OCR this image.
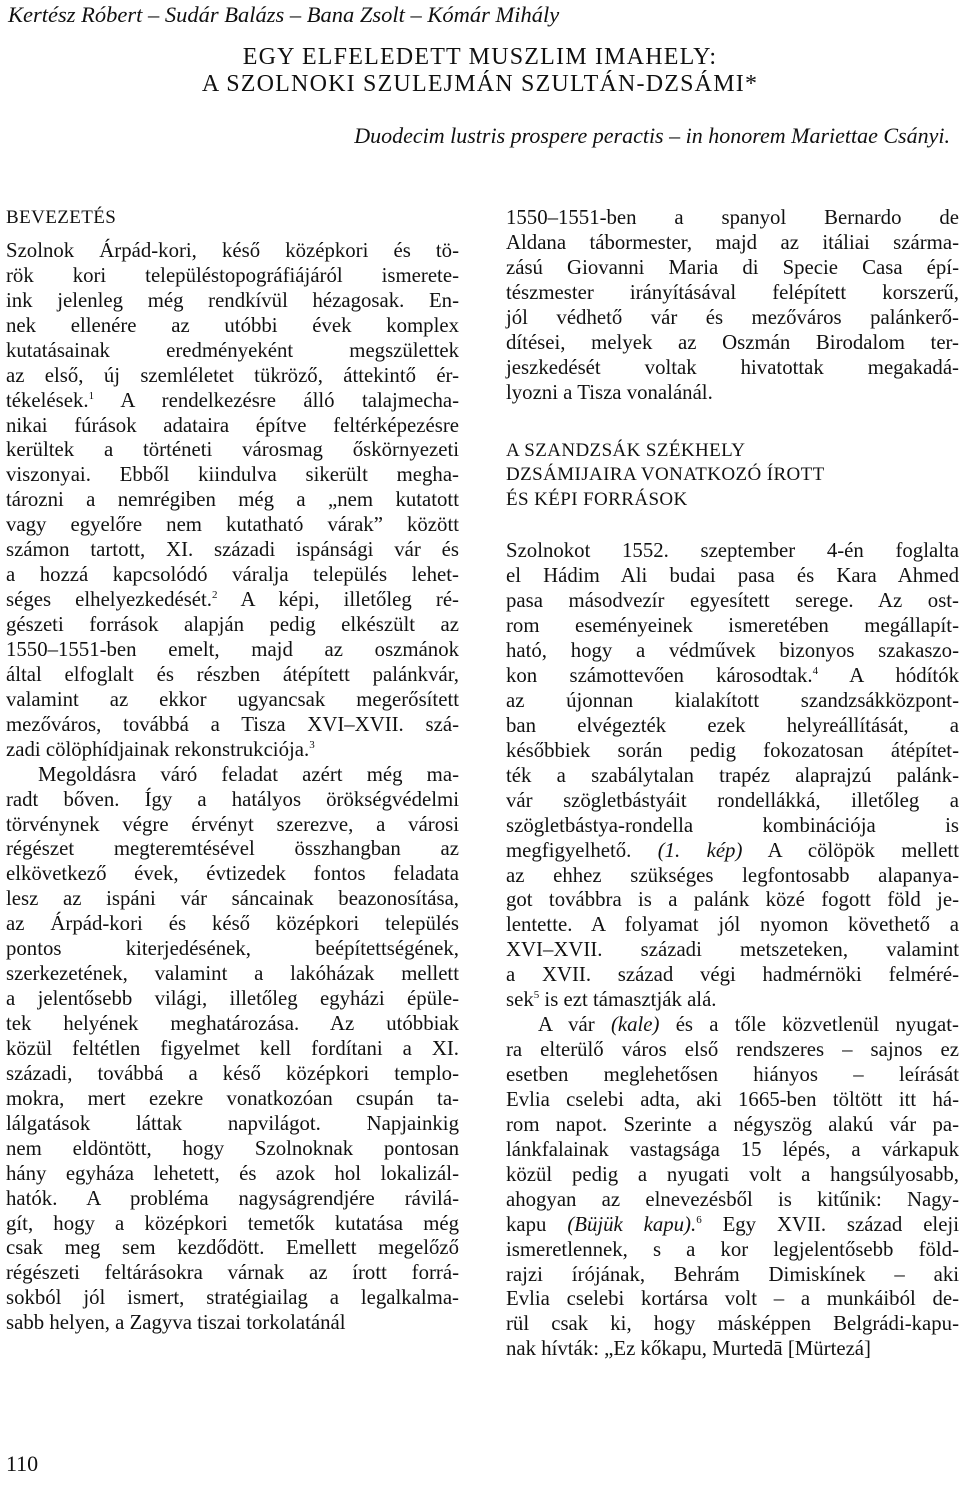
Kertész Róbert – Sudár Balázs – Bana Zsolt – Kómár Mihály
EGY ELFELEDETT MUSZLIM IMAHELY:
A SZOLNOKI SZULEJMÁN SZULTÁN-DZSÁMI*
Duodecim lustris prospere peractis – in honorem Mariettae Csányi.
BEVEZETÉS
Szolnok Árpád-kori, késő középkori és tö-
rök kori településtopográfiájáról ismerete-
ink jelenleg még rendkívül hézagosak. En-
nek ellenére az utóbbi évek komplex
kutatásainak eredményeként megszülettek
az első, új szemléletet tükröző, áttekintő ér-
tékelések.$^1$ A rendelkezésre álló talajmecha-
nikai fúrások adataira építve feltérképezésre
kerültek a történeti városmag őskörnyezeti
viszonyai. Ebből kiindulva sikerült megha-
tározni a nemrégiben még a „nem kutatott
vagy egyelőre nem kutatható várak” között
számon tartott, XI. századi ispánsági vár és
a hozzá kapcsolódó váralja település lehet-
séges elhelyezkedését.$^2$ A képi, illetőleg ré-
gészeti források alapján pedig elkészült az
1550–1551-ben emelt, majd az oszmánok
által elfoglalt és részben átépített palánkvár,
valamint az ekkor ugyancsak megerősített
mezőváros, továbbá a Tisza XVI–XVII. szá-
zadi cölöphídjainak rekonstrukciója.$^3$
Megoldásra váró feladat azért még ma-
radt bőven. Így a hatályos örökségvédelmi
törvénynek végre érvényt szerezve, a városi
régészet megteremtésével összhangban az
elkövetkező évek, évtizedek fontos feladata
lesz az ispáni vár sáncainak beazonosítása,
az Árpád-kori és késő középkori település
pontos kiterjedésének, beépítettségének,
szerkezetének, valamint a lakóházak mellett
a jelentősebb világi, illetőleg egyházi épüle-
tek helyének meghatározása. Az utóbbiak
közül feltétlen figyelmet kell fordítani a XI.
századi, továbbá a késő középkori templo-
mokra, mert ezekre vonatkozóan csupán ta-
lálgatások láttak napvilágot. Napjainkig
nem eldöntött, hogy Szolnoknak pontosan
hány egyháza lehetett, és azok hol lokalizál-
hatók. A probléma nagyságrendjére rávilá-
gít, hogy a középkori temetők kutatása még
csak meg sem kezdődött. Emellett megelőző
régészeti feltárásokra várnak az írott forrá-
sokból jól ismert, stratégiailag a legalkalma-
sabb helyen, a Zagyva tiszai torkolatánál
1550–1551-ben a spanyol Bernardo de
Aldana tábormester, majd az itáliai szárma-
zású Giovanni Maria di Specie Casa épí-
tészmester irányításával felépített korszerű,
jól védhető vár és mezőváros palánkerő-
dítései, melyek az Oszmán Birodalom ter-
jeszkedését voltak hivatottak megakadá-
lyozni a Tisza vonalánál.
A SZANDZSÁK SZÉKHELY
DZSÁMIJAIRA VONATKOZÓ ÍROTT
ÉS KÉPI FORRÁSOK
Szolnokot 1552. szeptember 4-én foglalta
el Hádim Ali budai pasa és Kara Ahmed
pasa másodvezír egyesített serege. Az ost-
rom eseményeinek ismeretében megállapít-
ható, hogy a védművek bizonyos szakaszo-
kon számottevően károsodtak.$^4$ A hódítók
az újonnan kialakított szandzsákközpont-
ban elvégezték ezek helyreállítását, a
későbbiek során pedig fokozatosan átépítet-
ték a szabálytalan trapéz alaprajzú palánk-
vár szögletbástyáit rondellákká, illetőleg a
szögletbástya-rondella kombinációja is
megfigyelhető. (1. kép) A cölöpök mellett
az ehhez szükséges legfontosabb alapanya-
got továbbra is a palánk közé fogott föld je-
lentette. A folyamat jól nyomon követhető a
XVI–XVII. századi metszeteken, valamint
a XVII. század végi hadmérnöki felméré-
sek$^5$ is ezt támasztják alá.
A vár (kale) és a tőle közvetlenül nyugat-
ra elterülő város első rendszeres – sajnos ez
esetben meglehetősen hiányos – leírását
Evlia cselebi adta, aki 1665-ben töltött itt há-
rom napot. Szerinte a négyszög alakú vár pa-
lánkfalainak vastagsága 15 lépés, a várkapuk
közül pedig a nyugati volt a hangsúlyosabb,
ahogyan az elnevezésből is kitűnik: Nagy-
kapu (Büjük kapu).$^6$ Egy XVII. század eleji
ismeretlennek, s a kor legjelentősebb föld-
rajzi írójának, Behrám Dimiskínek – aki
Evlia cselebi kortársa volt – a munkáiból de-
rül csak ki, hogy másképpen Belgrádi-kapu-
nak hívták: „Ez kőkapu, Murtedā [Mürtezá]
110
